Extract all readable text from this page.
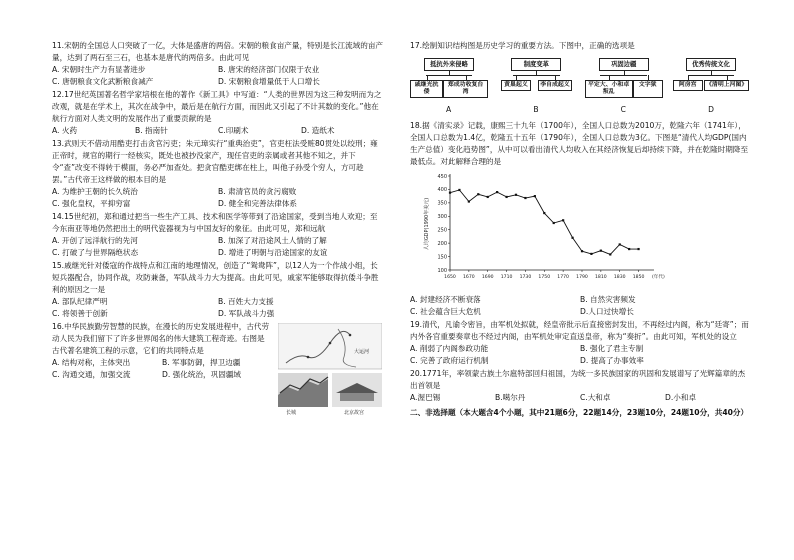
11.宋朝的全国总人口突破了一亿，大体是盛唐的两倍。宋朝的粮食亩产量，特别是长江流域的亩产量，达到了两石至三石，也基本是唐代的两倍多。由此可见

A. 宋朝时生产力有显著进步	B. 唐宋的经济部门仅限于农业
C. 唐朝粮食文化武断粮食减产	D. 宋朝粮食增量低于人口增长

12.17世纪英国著名哲学家培根在他的著作《新工具》中写道：“人类的世界因为这三种发明而为之改观，就是在学术上，其次在战争中，最后是在航行方面，而因此又引起了不计其数的变化。”他在航行方面对人类文明的发展作出了重要贡献的是

A. 火药	B. 指南针	C.印刷术	D. 造纸术

13.武则天不借动用酷吏打击贪官污吏；朱元璋实行“重典治吏”，官吏枉法受赃80贯处以绞刑；雍正帝时，规官的期行一经核实，既处也被抄没家产，现任官吏的亲属或者其他不知之，并下令“查”改变不得转于模面，务必严加查处。把贪官酷吏绑在柱上，叫他子孙受个穷人，方可趁罢。”古代帝王这样做的根本目的是

A. 为维护王朝的长久统治	B. 肃清官员的贪污腐败
C. 强化皇权，平抑穷富	D. 健全和完善法律体系

14.15世纪初，郑和通过把当一些生产工具、技术和医学等带到了沿途国家，受到当地人欢迎；至今东南亚等地仍然把出土的明代瓷器视为与中国友好的象征。由此可见，郑和远航

A. 开创了远洋航行的先河	B. 加深了对沿途风土人情的了解
C. 打破了与世界隔绝状态	D. 增进了明朝与沿途国家的友谊

15.戚继光针对倭寇的作战特点和江南的地理情况，创造了“鸳鸯阵”，以12人为一个作战小组，长短兵器配合，协同作战，攻防兼备，军队战斗力大为提高。由此可见，戚家军能够取得抗倭斗争胜利的原因之一是

A. 部队纪律严明	B. 百姓大力支援
C. 将领善于创新	D. 军队战斗力强

16.中华民族勤劳智慧的民族，在漫长的历史发展进程中，古代劳动人民为我们留下了许多世界闻名的伟大建筑工程奇迹。右图是古代著名建筑工程的示意，它们的共同特点是

A. 结构对称，主体突出	B. 军事防御，捍卫边疆
C. 沟通交通，加强交流	D. 强化统治，巩固疆域
大运河
长城	北京故宫

17.绘制知识结构图是历史学习的重要方法。下图中，正确的选项是

抵抗外来侵略
戚继光抗倭
郑成功收复台湾
制度变革
黄巢起义	李自成起义
巩固边疆
平定大、小和卓叛乱
文字狱
优秀传统文化
阿房宫	《清明上河图》
A	B	C	D

18.据《清实录》记载，康熙三十九年（1700年），全国人口总数为2010万，乾隆六年（1741年），全国人口总数为1.4亿，乾隆五十五年（1790年），全国人口总数为3亿。下图是“清代人均GDP(国内生产总值）变化趋势图”，从中可以看出清代人均收入在其经济恢复后却持续下降，并在乾隆时期降至最低点。对此解释合理的是

100
150
200
250
300
350
400
450
1650 1670 1690 1710 1730 1750 1770 1790 1810 1830 1850
人均GDP(1990年美元)
(年代)
A. 封建经济不断衰落	B. 自然灾害频发
C. 社会蕴含巨大危机	D.人口过快增长

19.清代，凡谕令密旨，由军机处拟就，经皇帝批示后直接密封发出，不再经过内阁，称为“廷寄”；而内外各官重要奏章也不经过内阁，由军机处审定直送皇帝，称为“奏折”。由此可知，军机处的设立

A. 削弱了内阁参政功能	B. 强化了君主专制
C. 完善了政府运行机制	D. 提高了办事效率

20.1771年，率领蒙古族土尔扈特部回归祖国，为统一多民族国家的巩固和发展谱写了光辉篇章的杰出首领是

A.渥巴锡	B.噶尔丹	C.大和卓	D.小和卓

二、非选择题（本大题含4个小题，其中21题6分，22题14分，23题10分，24题10分，共40分）
